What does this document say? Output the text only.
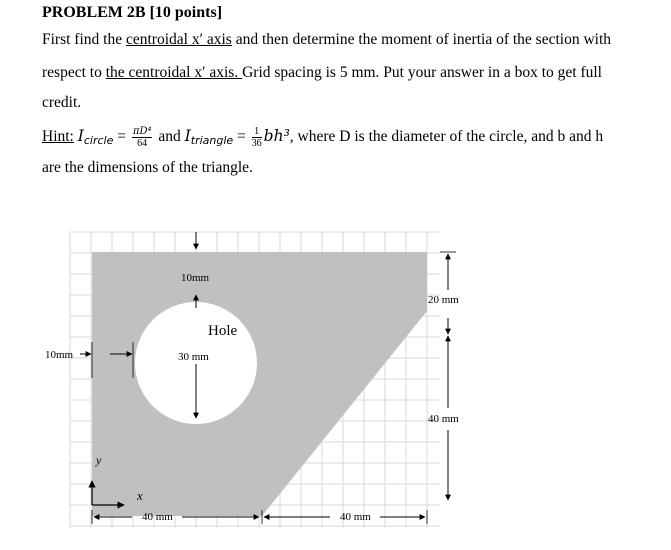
PROBLEM 2B [10 points]
First find the centroidal x′ axis and then determine the moment of inertia of the section with
respect to the centroidal x′ axis. Grid spacing is 5 mm. Put your answer in a box to get full
credit.
Hint: $I_{circle} = \frac{\text{πD⁴}}{64}$ and $I_{triangle} = \frac{1}{36} bh^3$, where D is the diameter of the circle, and b and h
are the dimensions of the triangle.
10mm
Hole
30 mm
10mm
20 mm
40 mm
y
x
40 mm	40 mm
